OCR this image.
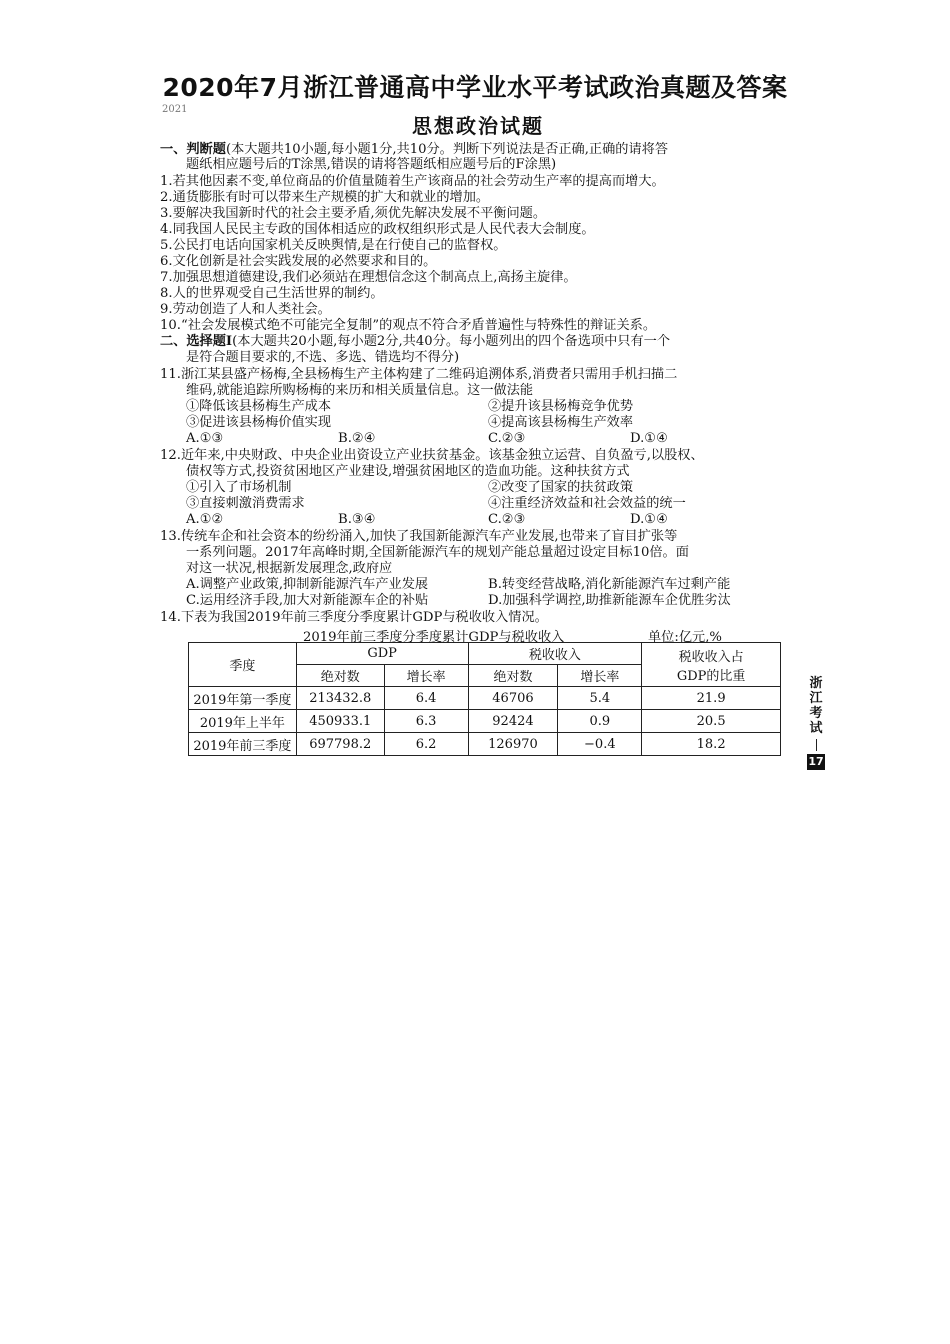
2020年7月浙江普通高中学业水平考试政治真题及答案
2021
思想政治试题
一、判断题(本大题共10小题,每小题1分,共10分。判断下列说法是否正确,正确的请将答
题纸相应题号后的T涂黑,错误的请将答题纸相应题号后的F涂黑)
1.若其他因素不变,单位商品的价值量随着生产该商品的社会劳动生产率的提高而增大。
2.通货膨胀有时可以带来生产规模的扩大和就业的增加。
3.要解决我国新时代的社会主要矛盾,须优先解决发展不平衡问题。
4.同我国人民民主专政的国体相适应的政权组织形式是人民代表大会制度。
5.公民打电话向国家机关反映舆情,是在行使自己的监督权。
6.文化创新是社会实践发展的必然要求和目的。
7.加强思想道德建设,我们必须站在理想信念这个制高点上,高扬主旋律。
8.人的世界观受自己生活世界的制约。
9.劳动创造了人和人类社会。
10.“社会发展模式绝不可能完全复制”的观点不符合矛盾普遍性与特殊性的辩证关系。
二、选择题Ⅰ(本大题共20小题,每小题2分,共40分。每小题列出的四个备选项中只有一个
是符合题目要求的,不选、多选、错选均不得分)
11.浙江某县盛产杨梅,全县杨梅生产主体构建了二维码追溯体系,消费者只需用手机扫描二
维码,就能追踪所购杨梅的来历和相关质量信息。这一做法能
①降低该县杨梅生产成本	②提升该县杨梅竞争优势
③促进该县杨梅价值实现	④提高该县杨梅生产效率
A.①③	B.②④	C.②③	D.①④
12.近年来,中央财政、中央企业出资设立产业扶贫基金。该基金独立运营、自负盈亏,以股权、
债权等方式,投资贫困地区产业建设,增强贫困地区的造血功能。这种扶贫方式
①引入了市场机制	②改变了国家的扶贫政策
③直接刺激消费需求	④注重经济效益和社会效益的统一
A.①②	B.③④	C.②③	D.①④
13.传统车企和社会资本的纷纷涌入,加快了我国新能源汽车产业发展,也带来了盲目扩张等
一系列问题。2017年高峰时期,全国新能源汽车的规划产能总量超过设定目标10倍。面
对这一状况,根据新发展理念,政府应
A.调整产业政策,抑制新能源汽车产业发展	B.转变经营战略,消化新能源汽车过剩产能
C.运用经济手段,加大对新能源车企的补贴	D.加强科学调控,助推新能源车企优胜劣汰
14.下表为我国2019年前三季度分季度累计GDP与税收收入情况。
2019年前三季度分季度累计GDP与税收收入	单位:亿元,%
季度	GDP		税收收入		税收收入占
GDP的比重
	绝对数	增长率	绝对数	增长率	
2019年第一季度	213432.8	6.4	46706	5.4	21.9
2019年上半年	450933.1	6.3	92424	0.9	20.5
2019年前三季度	697798.2	6.2	126970	−0.4	18.2
浙
江
考
试
17
